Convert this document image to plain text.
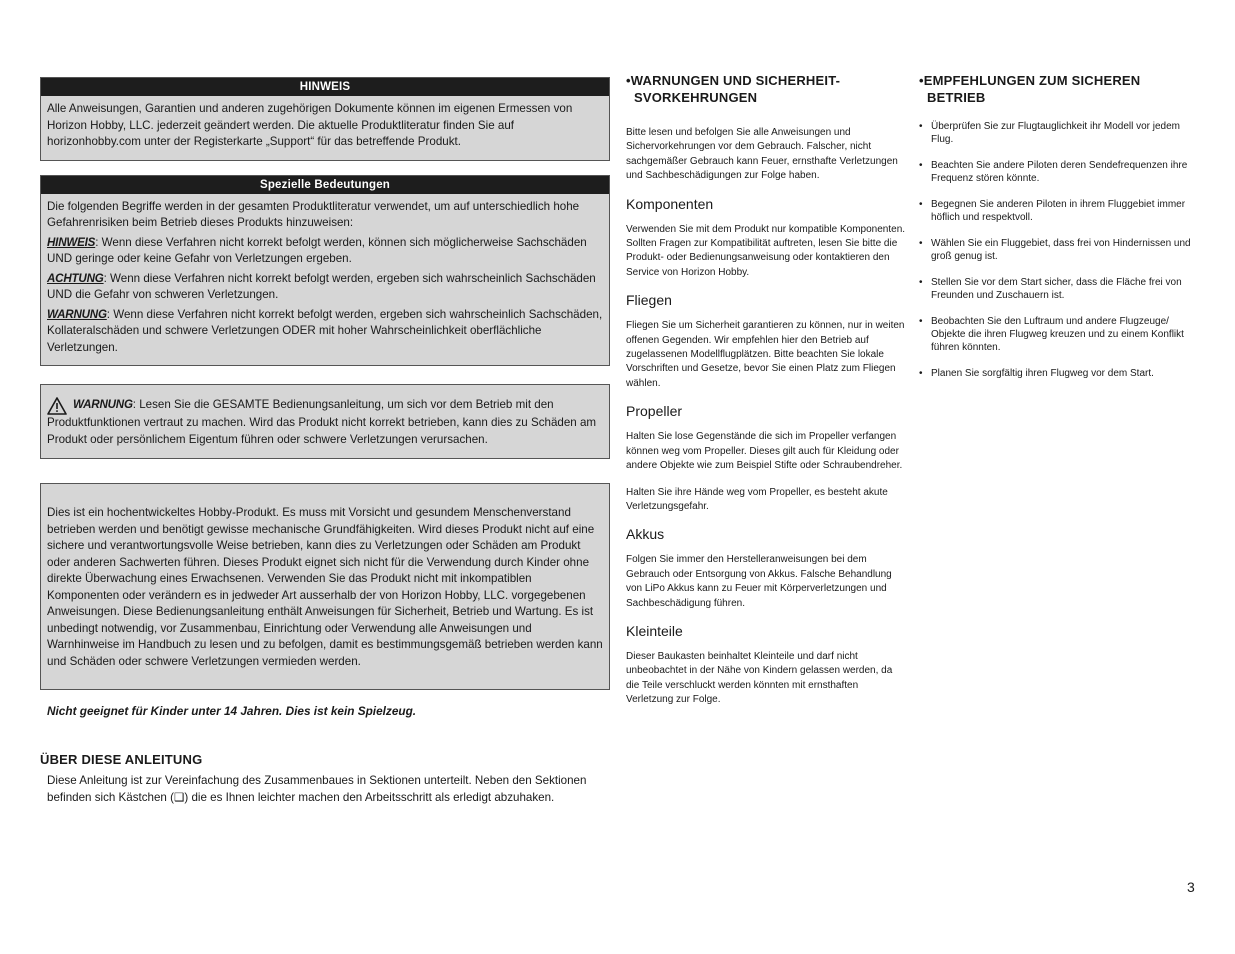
HINWEIS

Alle Anweisungen, Garantien und anderen zugehörigen Dokumente können im eigenen Ermessen von Horizon Hobby, LLC. jederzeit geändert werden. Die aktuelle Produktliteratur finden Sie auf horizonhobby.com unter der Registerkarte „Support“ für das betreffende Produkt.

Spezielle Bedeutungen

Die folgenden Begriffe werden in der gesamten Produktliteratur verwendet, um auf unterschiedlich hohe Gefahrenrisiken beim Betrieb dieses Produkts hinzuweisen:

HINWEIS: Wenn diese Verfahren nicht korrekt befolgt werden, können sich möglicherweise Sachschäden UND geringe oder keine Gefahr von Verletzungen ergeben.

ACHTUNG: Wenn diese Verfahren nicht korrekt befolgt werden, ergeben sich wahrscheinlich Sachschäden UND die Gefahr von schweren Verletzungen.

WARNUNG: Wenn diese Verfahren nicht korrekt befolgt werden, ergeben sich wahrscheinlich Sachschäden, Kollateralschäden und schwere Verletzungen ODER mit hoher Wahrscheinlichkeit oberflächliche Verletzungen.

WARNUNG: Lesen Sie die GESAMTE Bedienungsanleitung, um sich vor dem Betrieb mit den Produktfunktionen vertraut zu machen. Wird das Produkt nicht korrekt betrieben, kann dies zu Schäden am Produkt oder persönlichem Eigentum führen oder schwere Verletzungen verursachen.
Dies ist ein hochentwickeltes Hobby-Produkt. Es muss mit Vorsicht und gesundem Menschenverstand betrieben werden und benötigt gewisse mechanische Grundfähigkeiten. Wird dieses Produkt nicht auf eine sichere und verantwortungsvolle Weise betrieben, kann dies zu Verletzungen oder Schäden am Produkt oder anderen Sachwerten führen. Dieses Produkt eignet sich nicht für die Verwendung durch Kinder ohne direkte Überwachung eines Erwachsenen. Verwenden Sie das Produkt nicht mit inkompatiblen Komponenten oder verändern es in jedweder Art ausserhalb der von Horizon Hobby, LLC. vorgegebenen Anweisungen. Diese Bedienungsanleitung enthält Anweisungen für Sicherheit, Betrieb und Wartung. Es ist unbedingt notwendig, vor Zusammenbau, Einrichtung oder Verwendung alle Anweisungen und Warnhinweise im Handbuch zu lesen und zu befolgen, damit es bestimmungsgemäß betrieben werden kann und Schäden oder schwere Verletzungen vermieden werden.
Nicht geeignet für Kinder unter 14 Jahren. Dies ist kein Spielzeug.
ÜBER DIESE ANLEITUNG
Diese Anleitung ist zur Vereinfachung des Zusammenbaues in Sektionen unterteilt. Neben den Sektionen befinden sich Kästchen (❑) die es Ihnen leichter machen den Arbeitsschritt als erledigt abzuhaken.
•WARNUNGEN UND SICHERHEIT-
SVORKEHRUNGEN

Bitte lesen und befolgen Sie alle Anweisungen und Sichervorkehrungen vor dem Gebrauch. Falscher, nicht sachgemäßer Gebrauch kann Feuer, ernsthafte Verletzungen und Sachbeschädigungen zur Folge haben.

Komponenten

Verwenden Sie mit dem Produkt nur kompatible Komponenten. Sollten Fragen zur Kompatibilität auftreten, lesen Sie bitte die Produkt- oder Bedienungsanweisung oder kontaktieren den Service von Horizon Hobby.

Fliegen

Fliegen Sie um Sicherheit garantieren zu können, nur in weiten offenen Gegenden. Wir empfehlen hier den Betrieb auf zugelassenen Modellflugplätzen. Bitte beachten Sie lokale Vorschriften und Gesetze, bevor Sie einen Platz zum Fliegen wählen.

Propeller

Halten Sie lose Gegenstände die sich im Propeller verfangen können weg vom Propeller. Dieses gilt auch für Kleidung oder andere Objekte wie zum Beispiel Stifte oder Schraubendreher.

Halten Sie ihre Hände weg vom Propeller, es besteht akute Verletzungsgefahr.

Akkus

Folgen Sie immer den Herstelleranweisungen bei dem Gebrauch oder Entsorgung von Akkus. Falsche Behandlung von LiPo Akkus kann zu Feuer mit Körperverletzungen und Sachbeschädigung führen.

Kleinteile

Dieser Baukasten beinhaltet Kleinteile und darf nicht unbeobachtet in der Nähe von Kindern gelassen werden, da die Teile verschluckt werden könnten mit ernsthaften Verletzung zur Folge.

•EMPFEHLUNGEN ZUM SICHEREN
BETRIEB
• Überprüfen Sie zur Flugtauglichkeit ihr Modell vor jedem Flug.
• Beachten Sie andere Piloten deren Sendefrequenzen ihre Frequenz stören könnte.
• Begegnen Sie anderen Piloten in ihrem Fluggebiet immer höflich und respektvoll.
• Wählen Sie ein Fluggebiet, dass frei von Hindernissen und groß genug ist.
• Stellen Sie vor dem Start sicher, dass die Fläche frei von Freunden und Zuschauern ist.
• Beobachten Sie den Luftraum und andere Flugzeuge/ Objekte die ihren Flugweg kreuzen und zu einem Konflikt führen könnten.
• Planen Sie sorgfältig ihren Flugweg vor dem Start.
3
